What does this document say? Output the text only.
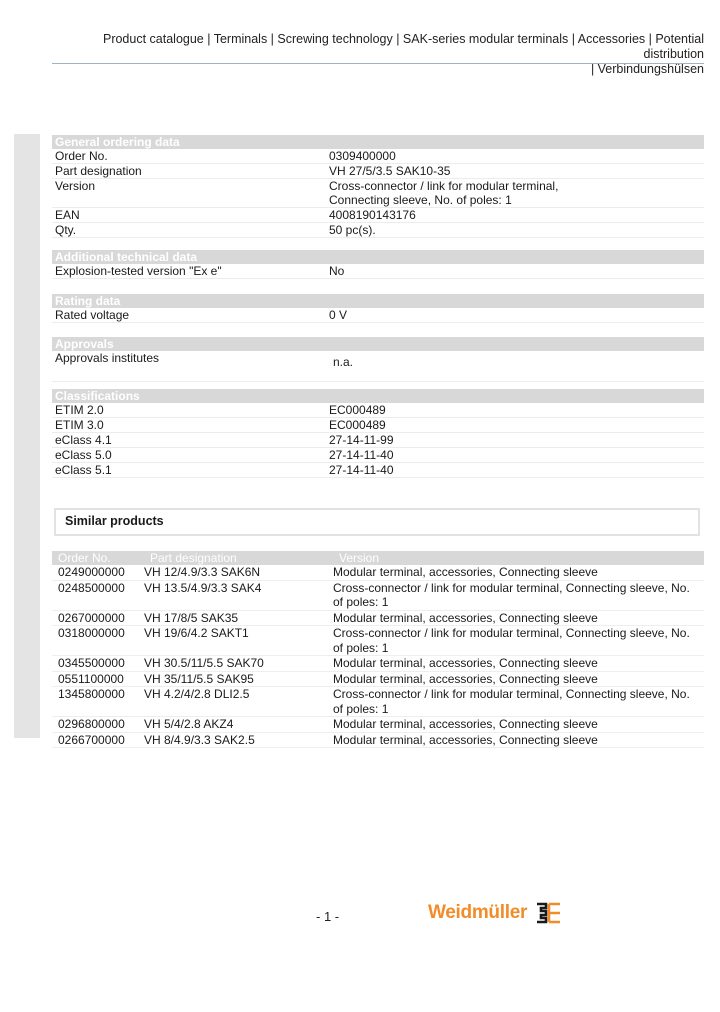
Product catalogue | Terminals | Screwing technology | SAK-series modular terminals | Accessories | Potential distribution
| Verbindungshülsen
General ordering data
Order No.	0309400000
Part designation	VH 27/5/3.5 SAK10-35
Version	Cross-connector / link for modular terminal,
Connecting sleeve, No. of poles: 1
EAN	4008190143176
Qty.	50 pc(s).
Additional technical data
Explosion-tested version "Ex e"	No
Rating data
Rated voltage	0 V
Approvals
Approvals institutes	n.a.
Classifications
ETIM 2.0	EC000489
ETIM 3.0	EC000489
eClass 4.1	27-14-11-99
eClass 5.0	27-14-11-40
eClass 5.1	27-14-11-40
Similar products
Order No.	Part designation	Version
0249000000	VH 12/4.9/3.3 SAK6N	Modular terminal, accessories, Connecting sleeve
0248500000	VH 13.5/4.9/3.3 SAK4	Cross-connector / link for modular terminal, Connecting sleeve, No. of poles: 1
0267000000	VH 17/8/5 SAK35	Modular terminal, accessories, Connecting sleeve
0318000000	VH 19/6/4.2 SAKT1	Cross-connector / link for modular terminal, Connecting sleeve, No. of poles: 1
0345500000	VH 30.5/11/5.5 SAK70	Modular terminal, accessories, Connecting sleeve
0551100000	VH 35/11/5.5 SAK95	Modular terminal, accessories, Connecting sleeve
1345800000	VH 4.2/4/2.8 DLI2.5	Cross-connector / link for modular terminal, Connecting sleeve, No. of poles: 1
0296800000	VH 5/4/2.8 AKZ4	Modular terminal, accessories, Connecting sleeve
0266700000	VH 8/4.9/3.3 SAK2.5	Modular terminal, accessories, Connecting sleeve
- 1 -	Weidmüller
